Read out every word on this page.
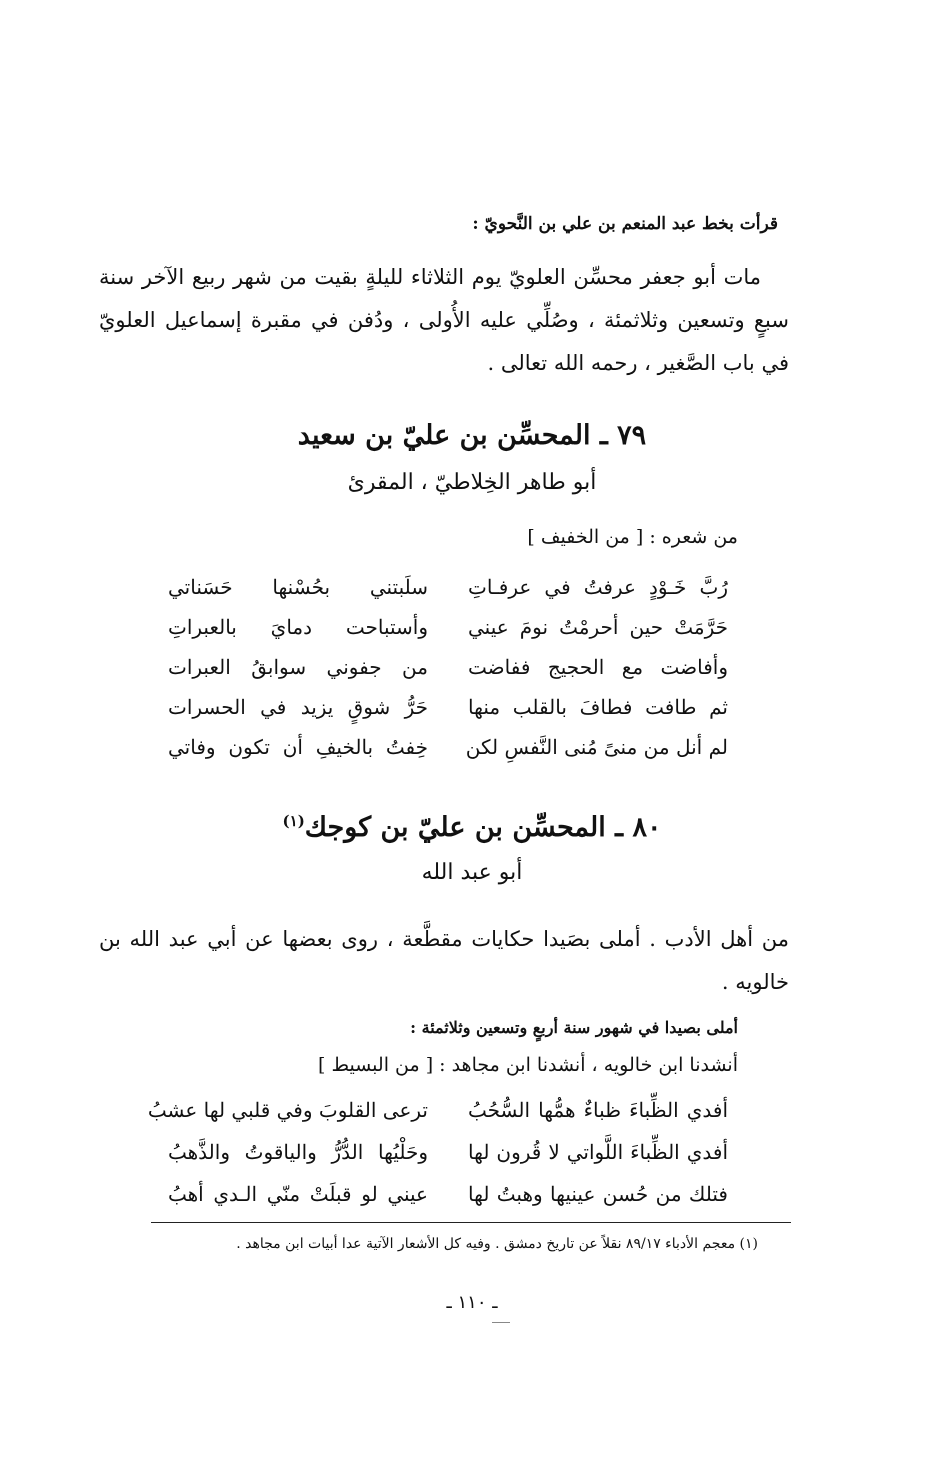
قرأت بخط عبد المنعم بن علي بن النَّحويّ :
مات أبو جعفر محسِّن العلويّ يوم الثلاثاء لليلةٍ بقيت من شهر ربيع الآخر سنة سبعٍ وتسعين وثلاثمئة ، وصُلِّي عليه الأُولى ، ودُفن في مقبرة إسماعيل العلويّ في باب الصَّغير ، رحمه الله تعالى .
٧٩ ـ المحسِّن بن عليّ بن سعيد
أبو طاهر الخِلاطيّ ، المقرئ
من شعره : [ من الخفيف ]
رُبَّ خَـوْدٍ عرفتُ في عرفـاتِ
سلَبتني بحُسْنها حَسَناتي
حَرَّمَتْ حين أحرمْتُ نومَ عيني
وأستباحت دمايَ بالعبراتِ
وأفاضت مع الحجيج ففاضت
من جفوني سوابقُ العبرات
ثم طافت فطافَ بالقلب منها
حَرُّ شوقٍ يزيد في الحسرات
لم أنل من منىً مُنى النَّفسِ لكن
خِفتُ بالخيفِ أن تكون وفاتي
٨٠ ـ المحسِّن بن عليّ بن كوجك$^{(١)}$
أبو عبد الله
من أهل الأدب . أملى بصَيدا حكايات مقطَّعة ، روى بعضها عن أبي عبد الله بن خالويه .
أملى بصيدا في شهور سنة أربعٍ وتسعين وثلاثمئة :
أنشدنا ابن خالويه ، أنشدنا ابن مجاهد : [ من البسيط ]
أفدي الظِّباءَ ظباءٌ همُّها السُّحُبُ
ترعى القلوبَ وفي قلبي لها عشبُ
أفدي الظِّباءَ اللَّواتي لا قُرون لها
وحَلْيُها الدُّرُّ والياقوتُ والذَّهبُ
فتلك من حُسن عينيها وهبتُ لها
عيني لو قبلَتْ منّي الـدي أهبُ
(١) معجم الأدباء ٨٩/١٧ نقلاً عن تاريخ دمشق . وفيه كل الأشعار الآتية عدا أبيات ابن مجاهد .
ـ ١١٠ ـ
